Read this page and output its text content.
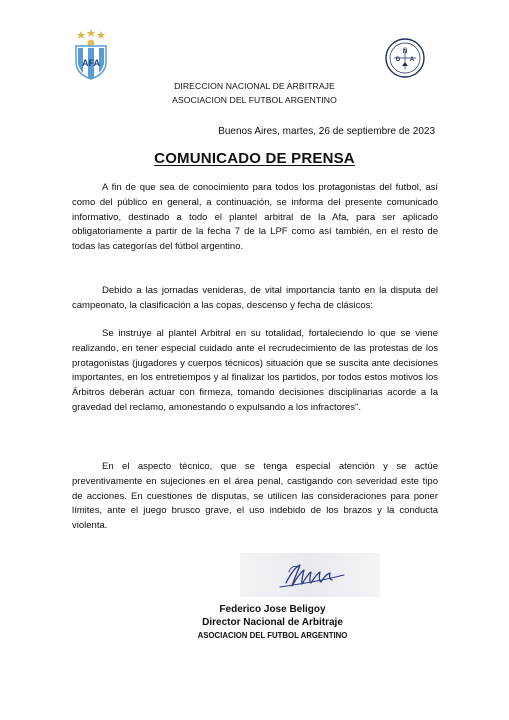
AFA
N
D A
DIRECCION NACIONAL DE ARBITRAJE
ASOCIACION DEL FUTBOL ARGENTINO
Buenos Aires, martes, 26 de septiembre de 2023
COMUNICADO DE PRENSA

A fin de que sea de conocimiento para todos los protagonistas del futbol, así como del público en general, a continuación, se informa del presente comunicado informativo, destinado a todo el plantel arbitral de la Afa, para ser aplicado obligatoriamente a partir de la fecha 7 de la LPF como así también, en el resto de todas las categorías del fútbol argentino.

Debido a las jornadas venideras, de vital importancia tanto en la disputa del campeonato, la clasificación a las copas, descenso y fecha de clásicos:

Se instruye al plantel Arbitral en su totalidad, fortaleciendo lo que se viene realizando, en tener especial cuidado ante el recrudecimiento de las protestas de los protagonistas (jugadores y cuerpos técnicos) situación que se suscita ante decisiones importantes, en los entretiempos y al finalizar los partidos, por todos estos motivos los Árbitros deberán actuar con firmeza, tomando decisiones disciplinarias acorde a la gravedad del reclamo, amonestando o expulsando a los infractores".

En el aspecto técnico, que se tenga especial atención y se actúe preventivamente en sujeciones en el área penal, castigando con severidad este tipo de acciones. En cuestiones de disputas, se utilicen las consideraciones para poner límites, ante el juego brusco grave, el uso indebido de los brazos y la conducta violenta.

Federico Jose Beligoy
Director Nacional de Arbitraje
ASOCIACION DEL FUTBOL ARGENTINO
